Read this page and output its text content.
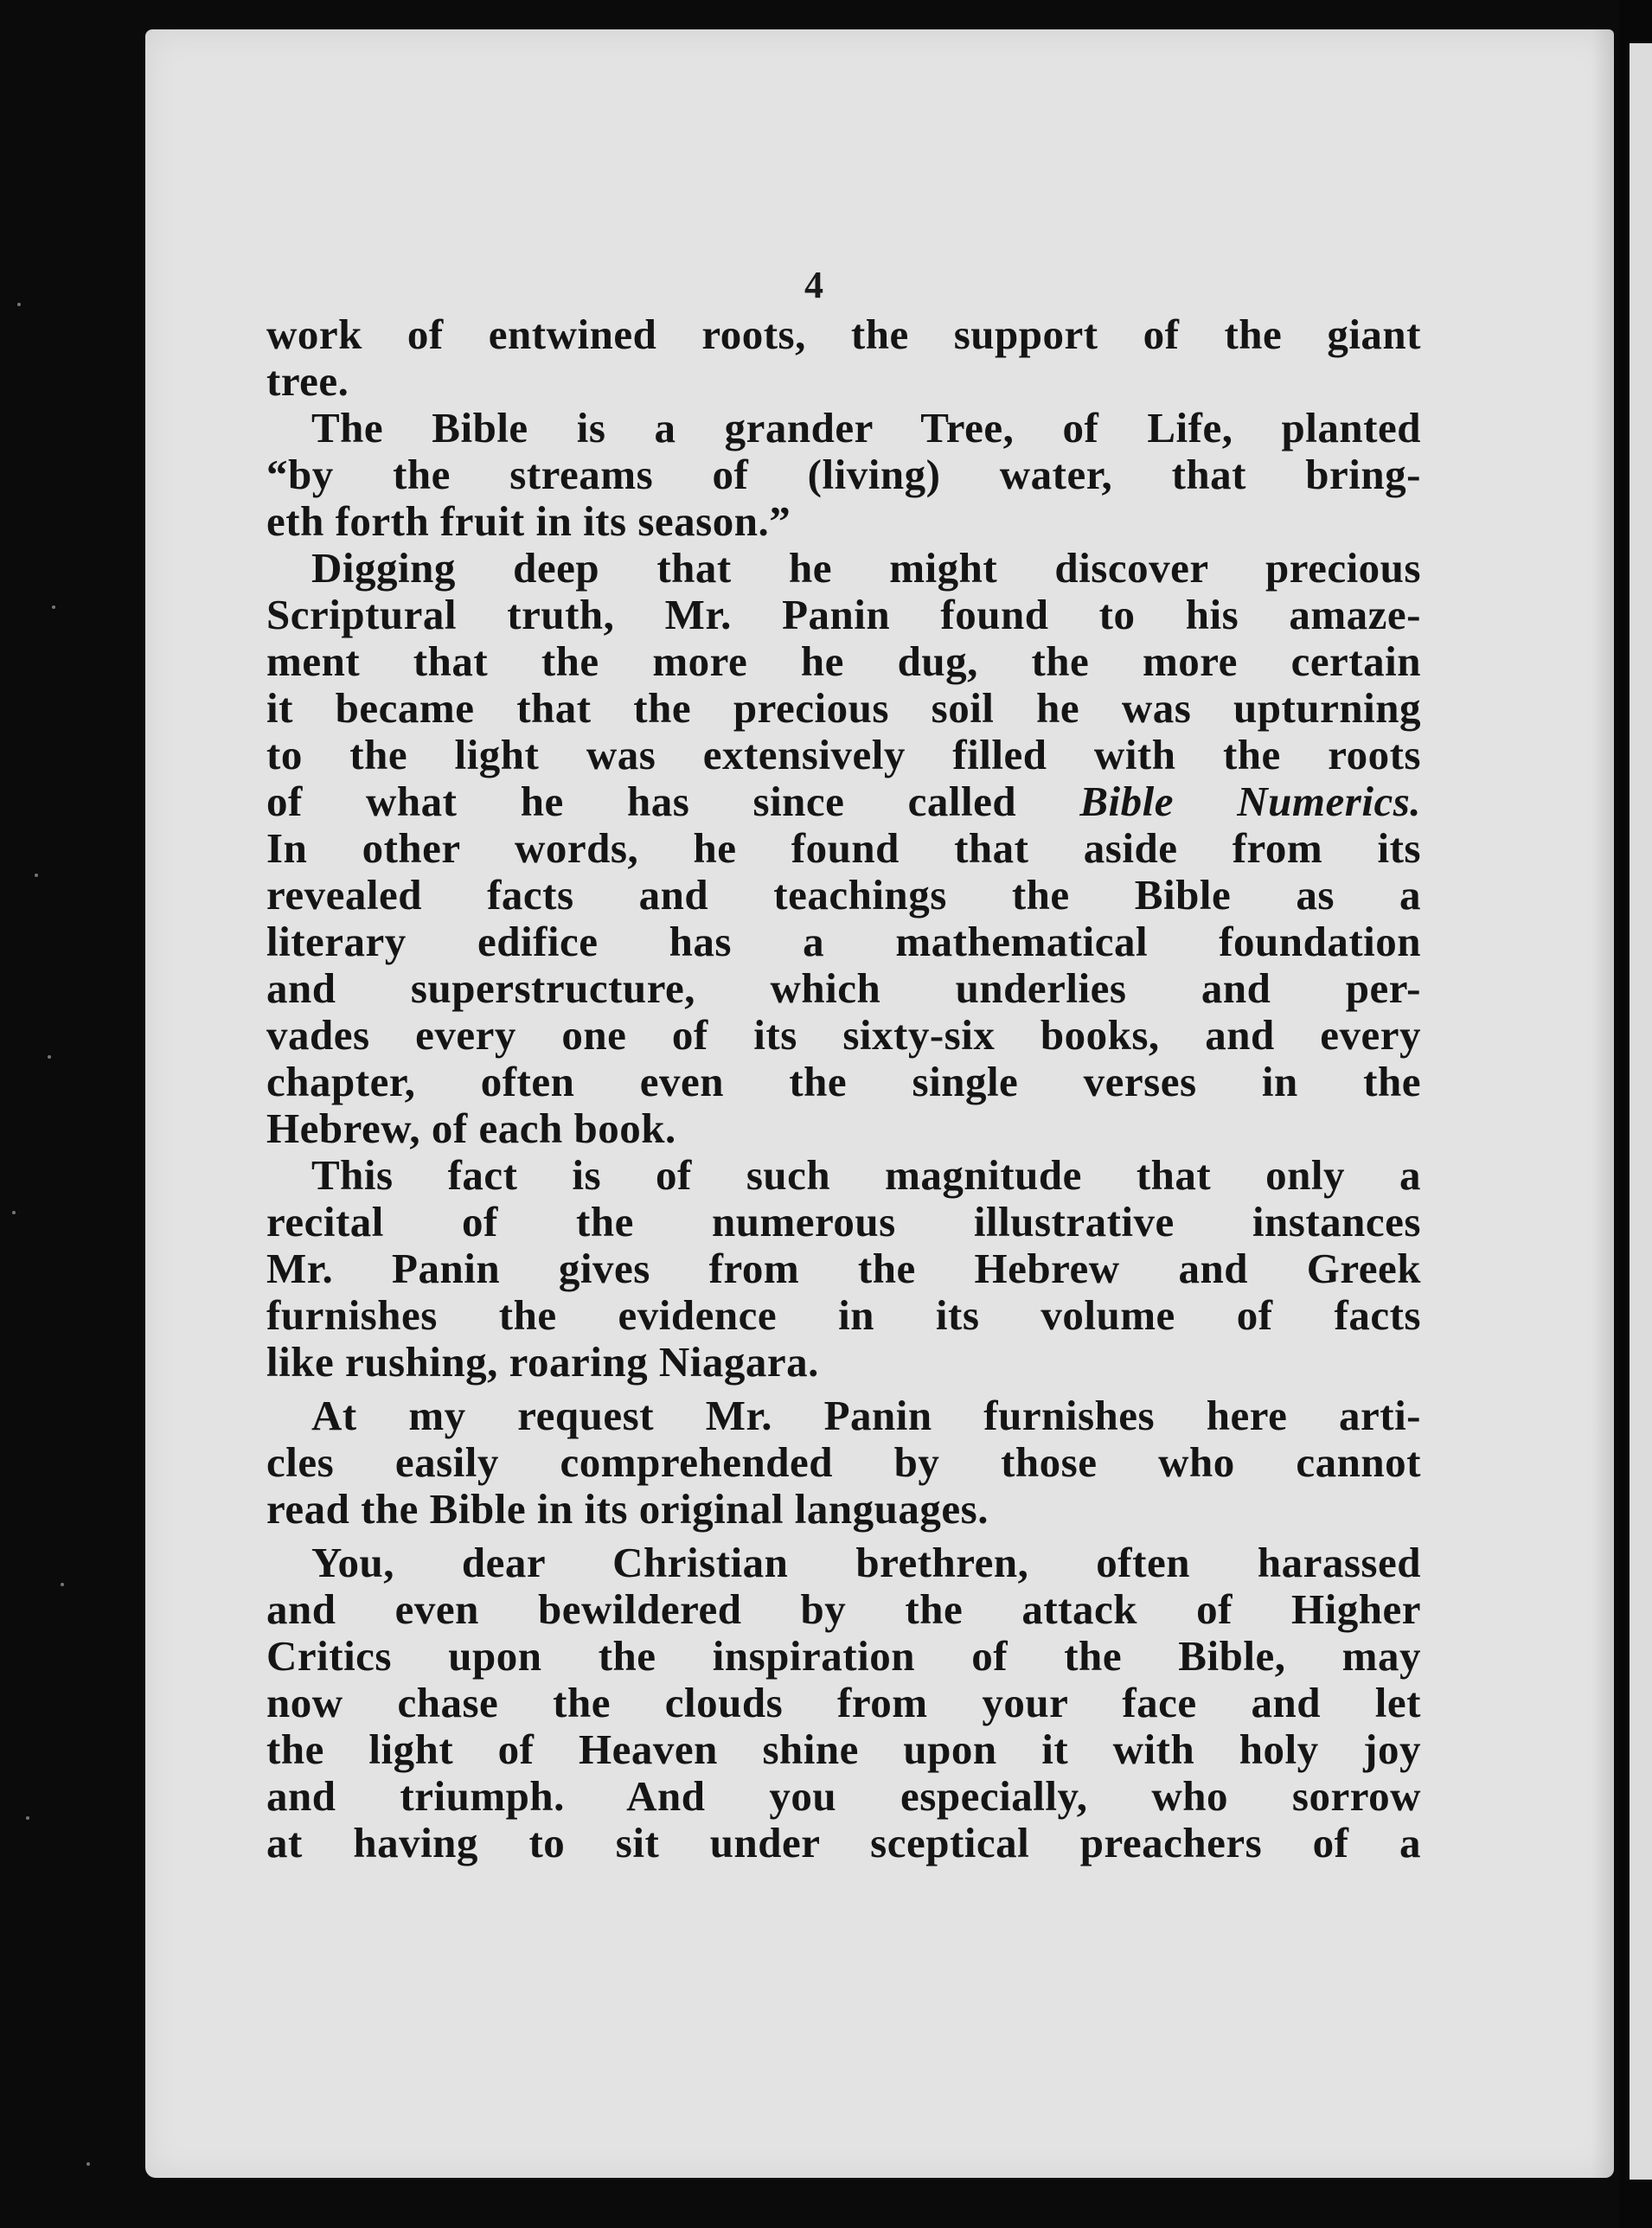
4
work of entwined roots, the support of the giant
tree.
The Bible is a grander Tree, of Life, planted
“by the streams of (living) water, that bring-
eth forth fruit in its season.”
Digging deep that he might discover precious
Scriptural truth, Mr. Panin found to his amaze-
ment that the more he dug, the more certain
it became that the precious soil he was upturning
to the light was extensively filled with the roots
of what he has since called Bible Numerics.
In other words, he found that aside from its
revealed facts and teachings the Bible as a
literary edifice has a mathematical foundation
and superstructure, which underlies and per-
vades every one of its sixty-six books, and every
chapter, often even the single verses in the
Hebrew, of each book.
This fact is of such magnitude that only a
recital of the numerous illustrative instances
Mr. Panin gives from the Hebrew and Greek
furnishes the evidence in its volume of facts
like rushing, roaring Niagara.
At my request Mr. Panin furnishes here arti-
cles easily comprehended by those who cannot
read the Bible in its original languages.
You, dear Christian brethren, often harassed
and even bewildered by the attack of Higher
Critics upon the inspiration of the Bible, may
now chase the clouds from your face and let
the light of Heaven shine upon it with holy joy
and triumph. And you especially, who sorrow
at having to sit under sceptical preachers of a
